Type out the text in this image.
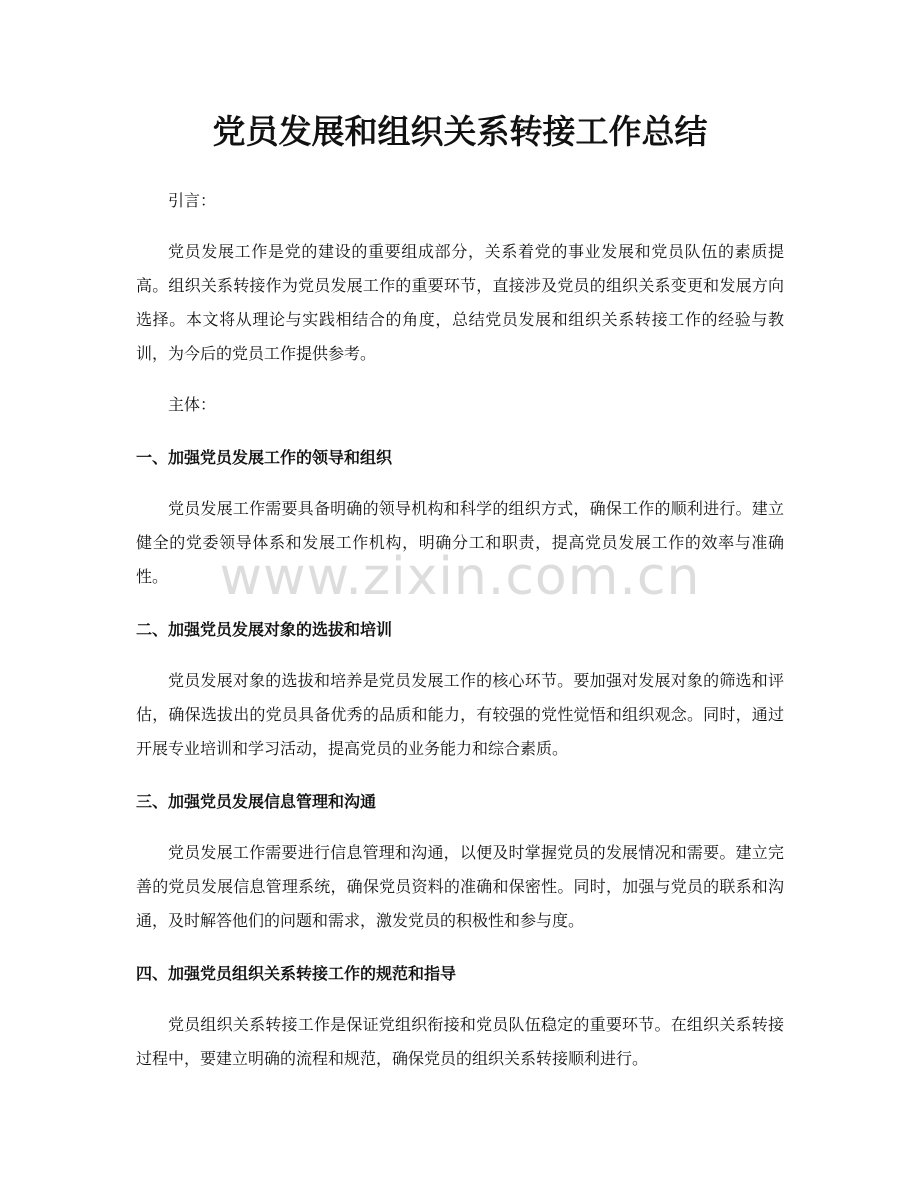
党员发展和组织关系转接工作总结

引言：

党员发展工作是党的建设的重要组成部分，关系着党的事业发展和党员队伍的素质提高。组织关系转接作为党员发展工作的重要环节，直接涉及党员的组织关系变更和发展方向选择。本文将从理论与实践相结合的角度，总结党员发展和组织关系转接工作的经验与教训，为今后的党员工作提供参考。

主体：

一、加强党员发展工作的领导和组织

党员发展工作需要具备明确的领导机构和科学的组织方式，确保工作的顺利进行。建立健全的党委领导体系和发展工作机构，明确分工和职责，提高党员发展工作的效率与准确性。

二、加强党员发展对象的选拔和培训

党员发展对象的选拔和培养是党员发展工作的核心环节。要加强对发展对象的筛选和评估，确保选拔出的党员具备优秀的品质和能力，有较强的党性觉悟和组织观念。同时，通过开展专业培训和学习活动，提高党员的业务能力和综合素质。

三、加强党员发展信息管理和沟通

党员发展工作需要进行信息管理和沟通，以便及时掌握党员的发展情况和需要。建立完善的党员发展信息管理系统，确保党员资料的准确和保密性。同时，加强与党员的联系和沟通，及时解答他们的问题和需求，激发党员的积极性和参与度。

四、加强党员组织关系转接工作的规范和指导

党员组织关系转接工作是保证党组织衔接和党员队伍稳定的重要环节。在组织关系转接过程中，要建立明确的流程和规范，确保党员的组织关系转接顺利进行。

www.zixin.com.cn
